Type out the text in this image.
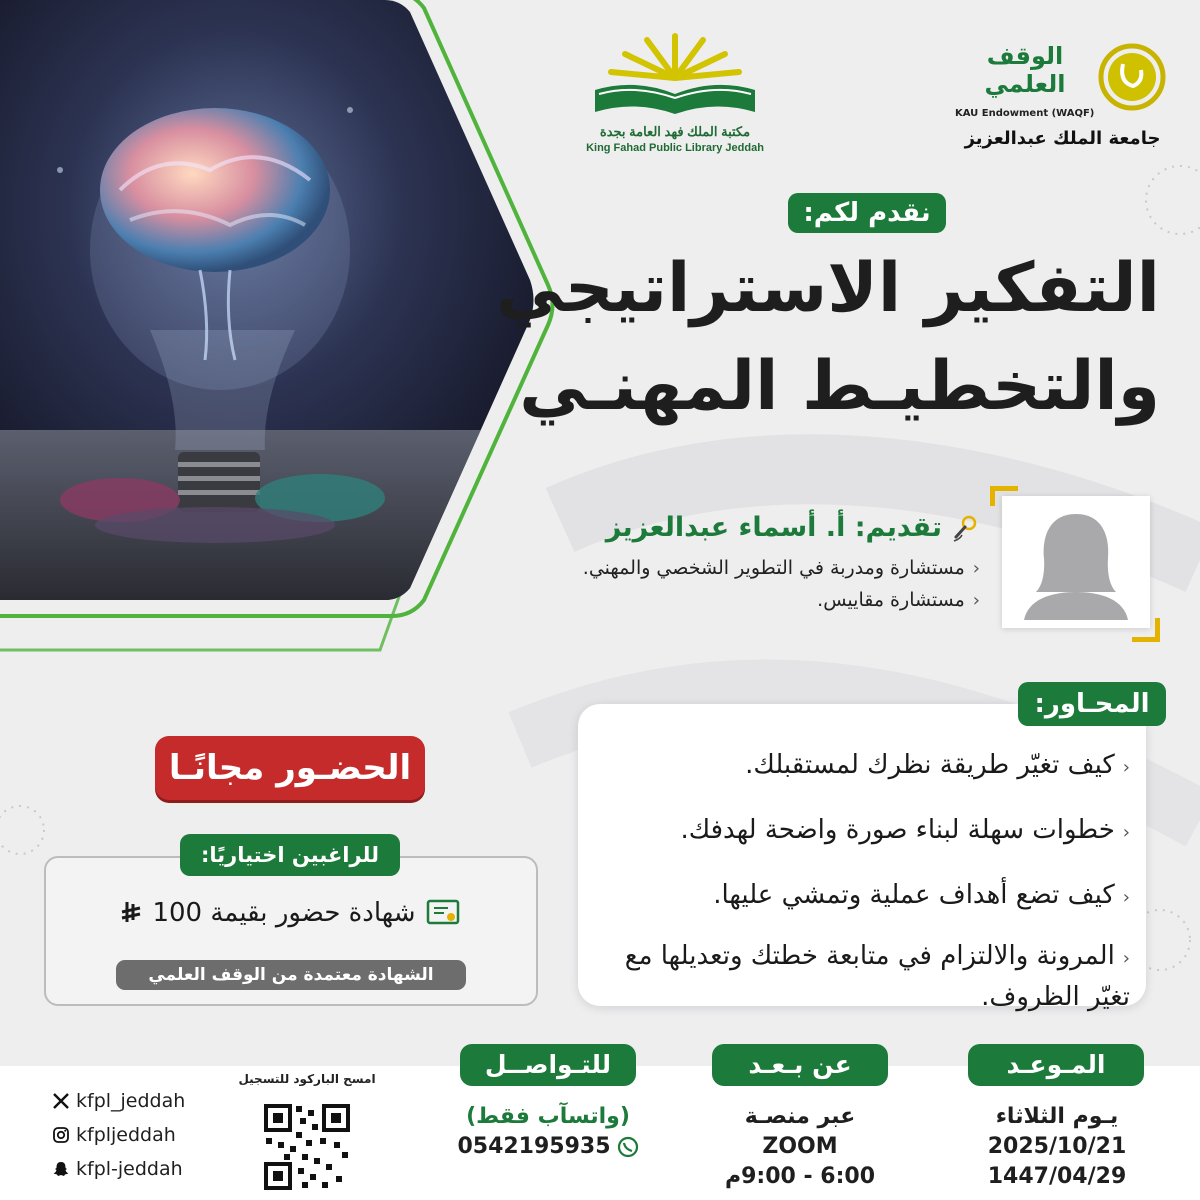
الوقف العلمي
KAU Endowment (WAQF)
جامعة الملك عبدالعزيز
مكتبة الملك فهد العامة بجدة
King Fahad Public Library Jeddah
نقدم لكم:
التفكير الاستراتيجي
والتخطيـط المهنـي
تقديم: أ. أسماء عبدالعزيز
‹مستشارة ومدربة في التطوير الشخصي والمهني.
‹مستشارة مقاييس.
المحـاور:
‹كيف تغيّر طريقة نظرك لمستقبلك.
‹خطوات سهلة لبناء صورة واضحة لهدفك.
‹كيف تضع أهداف عملية وتمشي عليها.
‹المرونة والالتزام في متابعة خطتك وتعديلها مع تغيّر الظروف.
الحضـور مجانًـا
للراغبين اختياريًا:
شهادة حضور بقيمة 100
الشهادة معتمدة من الوقف العلمي
المـوعـد
يـوم الثلاثاء
2025/10/21
1447/04/29
عن بـعـد
عبر منصـة
ZOOM
6:00 - 9:00م
للتـواصــل
(واتسآب فقط)
0542195935
امسح الباركود للتسجيل
kfpl_jeddah
kfpljeddah
kfpl-jeddah
